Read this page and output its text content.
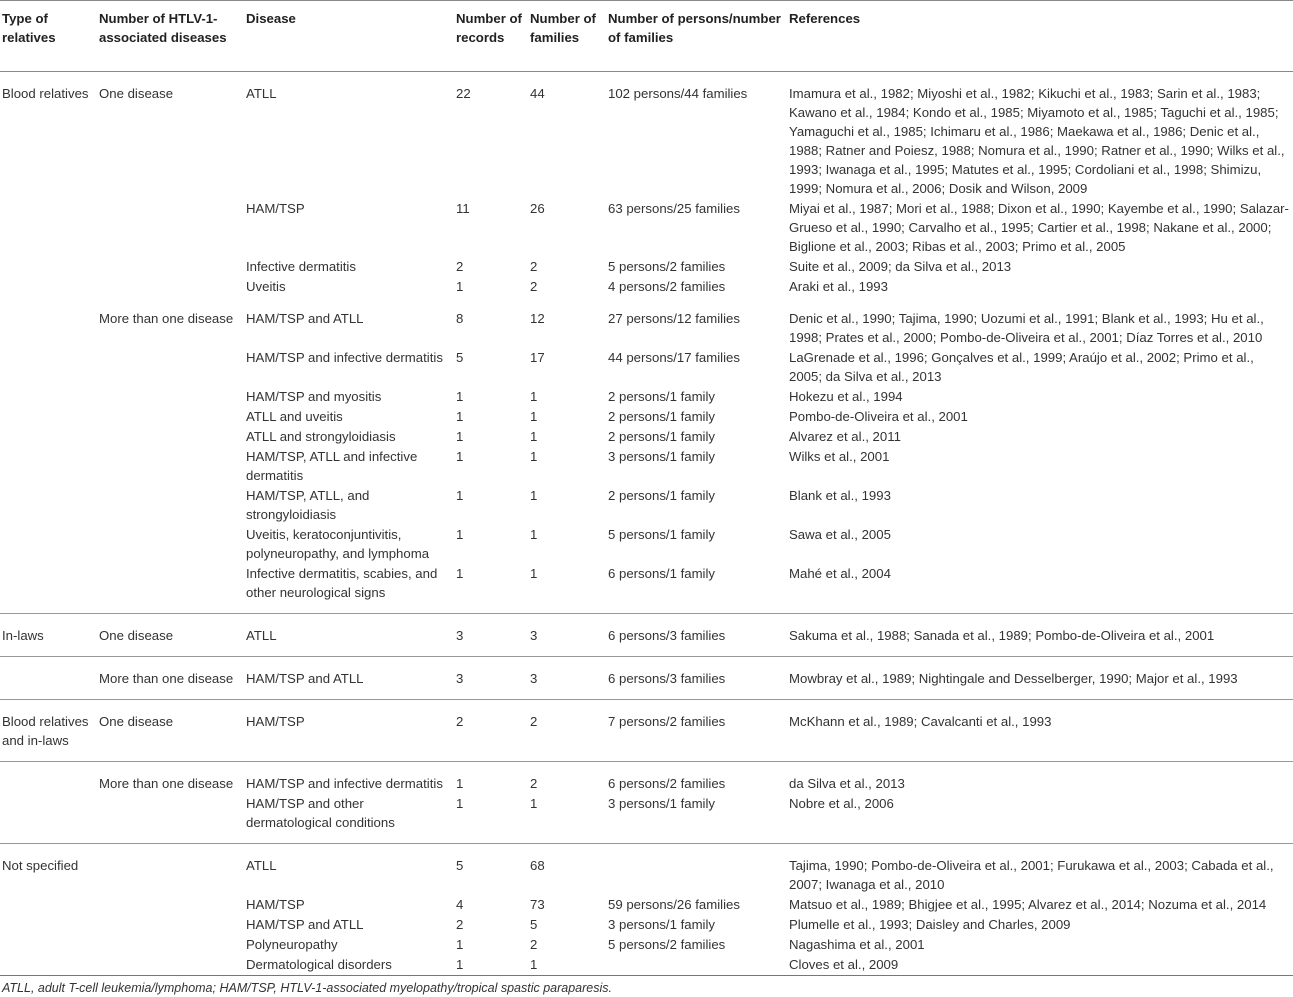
Type of relatives	Number of HTLV-1-associated diseases	Disease	Number of records	Number of families	Number of persons/number of families	References
Blood relatives	One disease	ATLL	22	44	102 persons/44 families	Imamura et al., 1982; Miyoshi et al., 1982; Kikuchi et al., 1983; Sarin et al., 1983; Kawano et al., 1984; Kondo et al., 1985; Miyamoto et al., 1985; Taguchi et al., 1985; Yamaguchi et al., 1985; Ichimaru et al., 1986; Maekawa et al., 1986; Denic et al., 1988; Ratner and Poiesz, 1988; Nomura et al., 1990; Ratner et al., 1990; Wilks et al., 1993; Iwanaga et al., 1995; Matutes et al., 1995; Cordoliani et al., 1998; Shimizu, 1999; Nomura et al., 2006; Dosik and Wilson, 2009
		HAM/TSP	11	26	63 persons/25 families	Miyai et al., 1987; Mori et al., 1988; Dixon et al., 1990; Kayembe et al., 1990; Salazar-Grueso et al., 1990; Carvalho et al., 1995; Cartier et al., 1998; Nakane et al., 2000; Biglione et al., 2003; Ribas et al., 2003; Primo et al., 2005
		Infective dermatitis	2	2	5 persons/2 families	Suite et al., 2009; da Silva et al., 2013
		Uveitis	1	2	4 persons/2 families	Araki et al., 1993
	More than one disease	HAM/TSP and ATLL	8	12	27 persons/12 families	Denic et al., 1990; Tajima, 1990; Uozumi et al., 1991; Blank et al., 1993; Hu et al., 1998; Prates et al., 2000; Pombo-de-Oliveira et al., 2001; Díaz Torres et al., 2010
		HAM/TSP and infective dermatitis	5	17	44 persons/17 families	LaGrenade et al., 1996; Gonçalves et al., 1999; Araújo et al., 2002; Primo et al., 2005; da Silva et al., 2013
		HAM/TSP and myositis	1	1	2 persons/1 family	Hokezu et al., 1994
		ATLL and uveitis	1	1	2 persons/1 family	Pombo-de-Oliveira et al., 2001
		ATLL and strongyloidiasis	1	1	2 persons/1 family	Alvarez et al., 2011
		HAM/TSP, ATLL and infective dermatitis	1	1	3 persons/1 family	Wilks et al., 2001
		HAM/TSP, ATLL, and strongyloidiasis	1	1	2 persons/1 family	Blank et al., 1993
		Uveitis, keratoconjuntivitis, polyneuropathy, and lymphoma	1	1	5 persons/1 family	Sawa et al., 2005
		Infective dermatitis, scabies, and other neurological signs	1	1	6 persons/1 family	Mahé et al., 2004
In-laws	One disease	ATLL	3	3	6 persons/3 families	Sakuma et al., 1988; Sanada et al., 1989; Pombo-de-Oliveira et al., 2001
	More than one disease	HAM/TSP and ATLL	3	3	6 persons/3 families	Mowbray et al., 1989; Nightingale and Desselberger, 1990; Major et al., 1993
Blood relatives and in-laws	One disease	HAM/TSP	2	2	7 persons/2 families	McKhann et al., 1989; Cavalcanti et al., 1993
	More than one disease	HAM/TSP and infective dermatitis	1	2	6 persons/2 families	da Silva et al., 2013
		HAM/TSP and other dermatological conditions	1	1	3 persons/1 family	Nobre et al., 2006
Not specified		ATLL	5	68		Tajima, 1990; Pombo-de-Oliveira et al., 2001; Furukawa et al., 2003; Cabada et al., 2007; Iwanaga et al., 2010
		HAM/TSP	4	73	59 persons/26 families	Matsuo et al., 1989; Bhigjee et al., 1995; Alvarez et al., 2014; Nozuma et al., 2014
		HAM/TSP and ATLL	2	5	3 persons/1 family	Plumelle et al., 1993; Daisley and Charles, 2009
		Polyneuropathy	1	2	5 persons/2 families	Nagashima et al., 2001
		Dermatological disorders	1	1		Cloves et al., 2009
ATLL, adult T-cell leukemia/lymphoma; HAM/TSP, HTLV-1-associated myelopathy/tropical spastic paraparesis.
